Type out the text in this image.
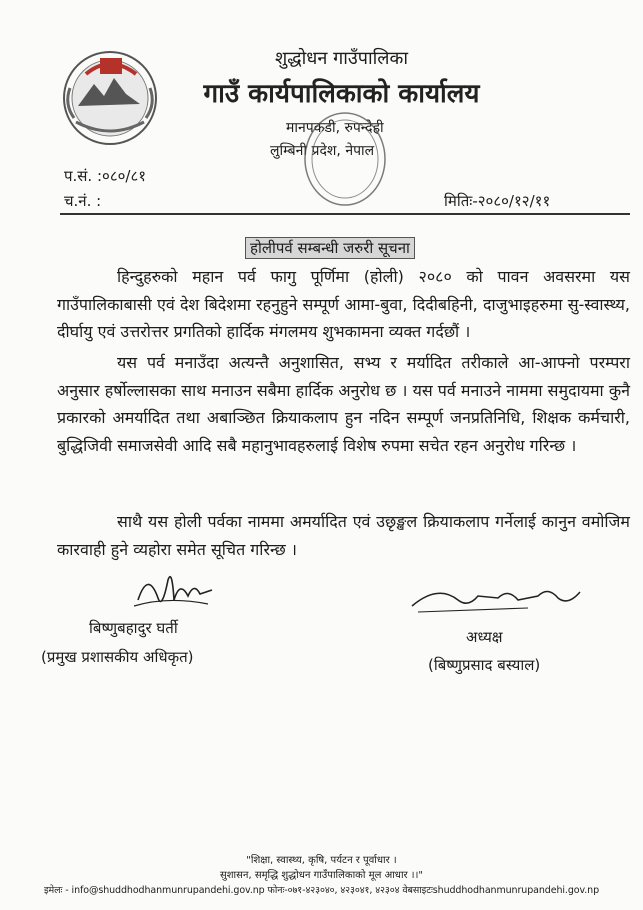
शुद्धोधन गाउँपालिका
गाउँ कार्यपालिकाको कार्यालय
मानपकडी, रुपन्देही
लुम्बिनी प्रदेश, नेपाल
प.सं. :०८०/८१
च.नं. :	मितिः-२०८०/१२/११
होलीपर्व सम्बन्धी जरुरी सूचना
हिन्दुहरुको महान पर्व फागु पूर्णिमा (होली) २०८० को पावन अवसरमा यस गाउँपालिकाबासी एवं देश बिदेशमा रहनुहुने सम्पूर्ण आमा-बुवा, दिदीबहिनी, दाजुभाइहरुमा सु-स्वास्थ्य, दीर्घायु एवं उत्तरोत्तर प्रगतिको हार्दिक मंगलमय शुभकामना व्यक्त गर्दछौं ।
यस पर्व मनाउँदा अत्यन्तै अनुशासित, सभ्य र मर्यादित तरीकाले आ-आफ्नो परम्परा अनुसार हर्षोल्लासका साथ मनाउन सबैमा हार्दिक अनुरोध छ । यस पर्व मनाउने नाममा समुदायमा कुनै प्रकारको अमर्यादित तथा अबाञ्छित क्रियाकलाप हुन नदिन सम्पूर्ण जनप्रतिनिधि, शिक्षक कर्मचारी, बुद्धिजिवी समाजसेवी आदि सबै महानुभावहरुलाई विशेष रुपमा सचेत रहन अनुरोध गरिन्छ ।
साथै यस होली पर्वका नाममा अमर्यादित एवं उछृङ्खल क्रियाकलाप गर्नेलाई कानुन वमोजिम कारवाही हुने व्यहोरा समेत सूचित गरिन्छ ।
बिष्णुबहादुर घर्ती
(प्रमुख प्रशासकीय अधिकृत)
अध्यक्ष
(बिष्णुप्रसाद बस्याल)
"शिक्षा, स्वास्थ्य, कृषि, पर्यटन र पूर्वाधार ।
सुशासन, समृद्धि शुद्धोधन गाउँपालिकाको मूल आधार ।।"
इमेलः - info@shuddhodhanmunrupandehi.gov.np फोनः-०७१-४२३०४०, ४२३०४१, ४२३०४ वेबसाइटःshuddhodhanmunrupandehi.gov.np
